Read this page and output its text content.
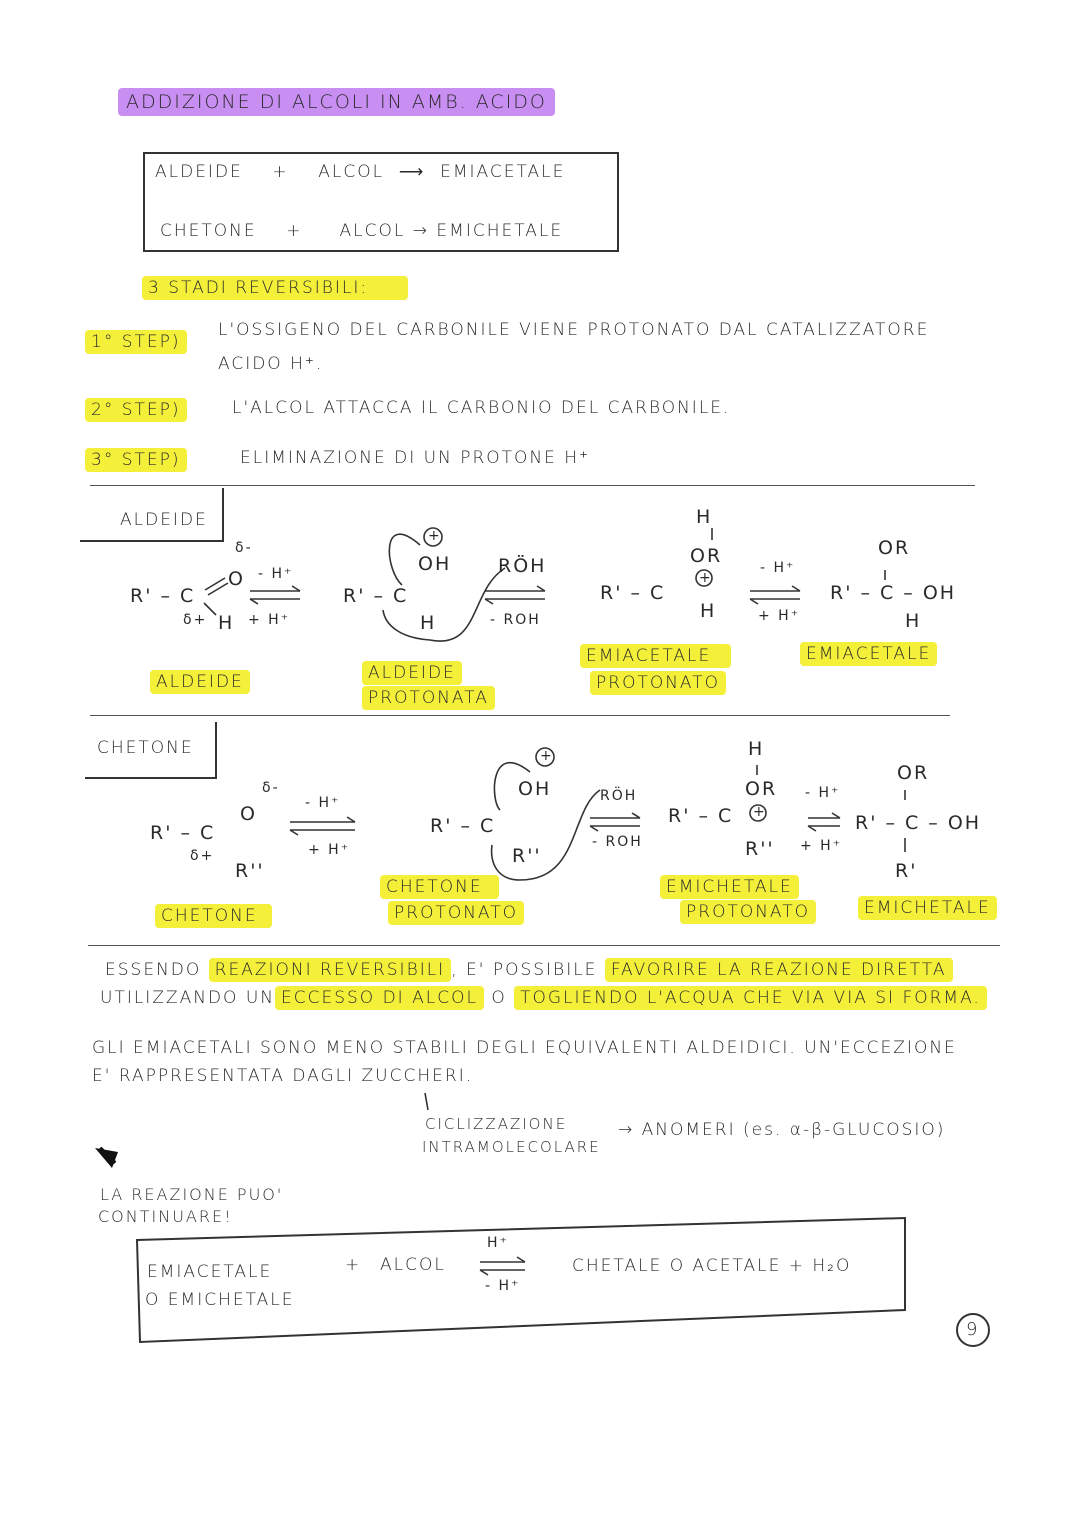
ADDIZIONE DI ALCOLI IN AMB. ACIDO
ALDEIDE + ALCOL ⟶ EMIACETALE
CHETONE + ALCOL → EMICHETALE
3 STADI REVERSIBILI:
1° STEP)
L'OSSIGENO DEL CARBONILE VIENE PROTONATO DAL CATALIZZATORE
ACIDO H⁺.
2° STEP)	L'ALCOL ATTACCA IL CARBONIO DEL CARBONILE.
3° STEP)	ELIMINAZIONE DI UN PROTONE H⁺
ALDEIDE
R' – C
O
δ-
δ+ H
- H⁺
+ H⁺
R' – C
OH
+
H
RÖH
- ROH
R' – C
H
OR
+
H
- H⁺
+ H⁺
OR
R' – C – OH
H
ALDEIDE	ALDEIDE
PROTONATA
EMIACETALE
PROTONATO
EMIACETALE
CHETONE
R' – C
O
δ-
δ+
R''
- H⁺
+ H⁺
R' – C
OH
+
R''
RÖH
- ROH
R' – C
H
OR
+
R''
- H⁺
+ H⁺
OR
R' – C – OH
R'
CHETONE
CHETONE
PROTONATO
EMICHETALE
PROTONATO	EMICHETALE
ESSENDO REAZIONI REVERSIBILI , E' POSSIBILE FAVORIRE LA REAZIONE DIRETTA
UTILIZZANDO UN ECCESSO DI ALCOL O TOGLIENDO L'ACQUA CHE VIA VIA SI FORMA.
GLI EMIACETALI SONO MENO STABILI DEGLI EQUIVALENTI ALDEIDICI. UN'ECCEZIONE
E' RAPPRESENTATA DAGLI ZUCCHERI.
CICLIZZAZIONE
INTRAMOLECOLARE
→ ANOMERI (es. α-β-GLUCOSIO)
LA REAZIONE PUO'
CONTINUARE!
EMIACETALE
O EMICHETALE
+ ALCOL
H⁺
- H⁺
CHETALE O ACETALE + H₂O
9
